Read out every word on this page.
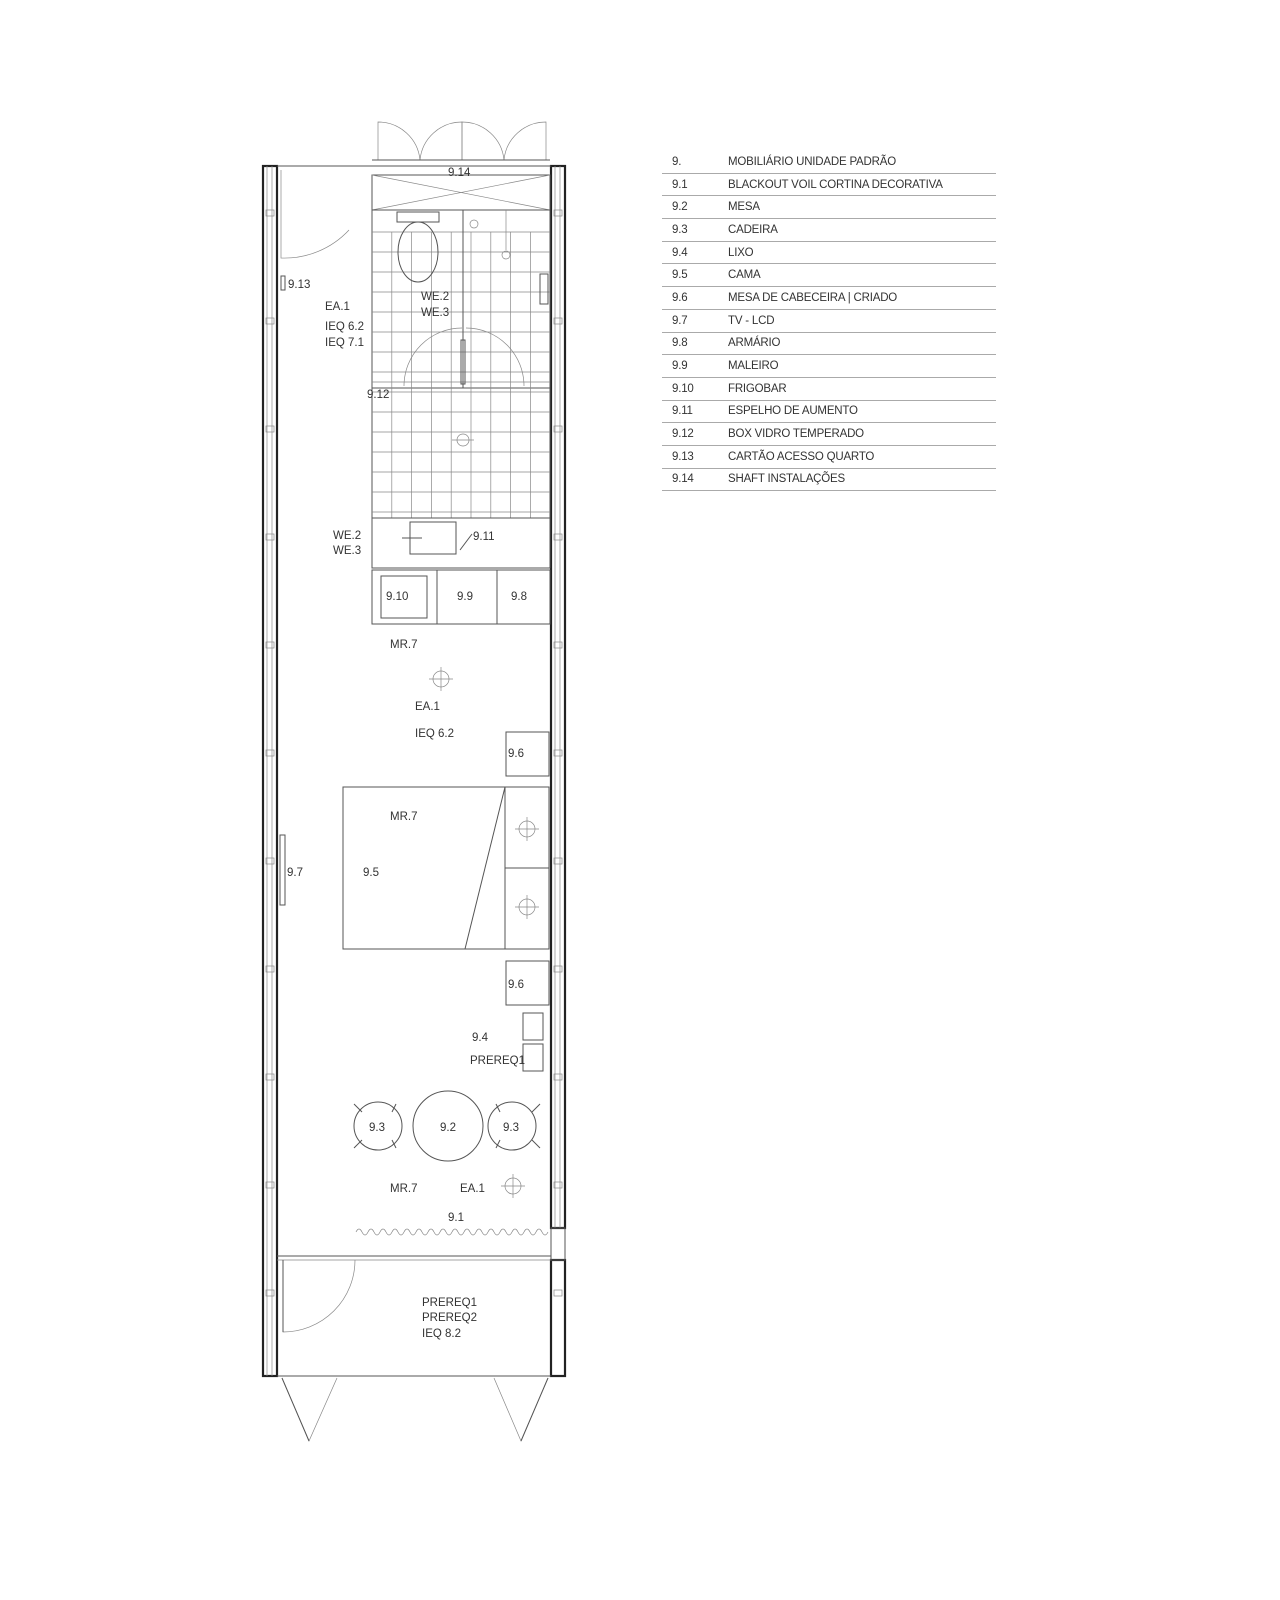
9.14
9.13
EA.1
IEQ 6.2
IEQ 7.1
WE.2
WE.3
9.12
9.11
WE.2
WE.3
9.10	9.9	9.8
MR.7
EA.1
IEQ 6.2
9.6
MR.7
9.7	9.5
9.6
9.4
PREREQ1
9.3	9.2	9.3
MR.7	EA.1
9.1
PREREQ1
PREREQ2
IEQ 8.2
9.	MOBILIÁRIO UNIDADE PADRÃO
9.1	BLACKOUT VOIL CORTINA DECORATIVA
9.2	MESA
9.3	CADEIRA
9.4	LIXO
9.5	CAMA
9.6	MESA DE CABECEIRA | CRIADO
9.7	TV - LCD
9.8	ARMÁRIO
9.9	MALEIRO
9.10	FRIGOBAR
9.11	ESPELHO DE AUMENTO
9.12	BOX VIDRO TEMPERADO
9.13	CARTÃO ACESSO QUARTO
9.14	SHAFT INSTALAÇÕES
